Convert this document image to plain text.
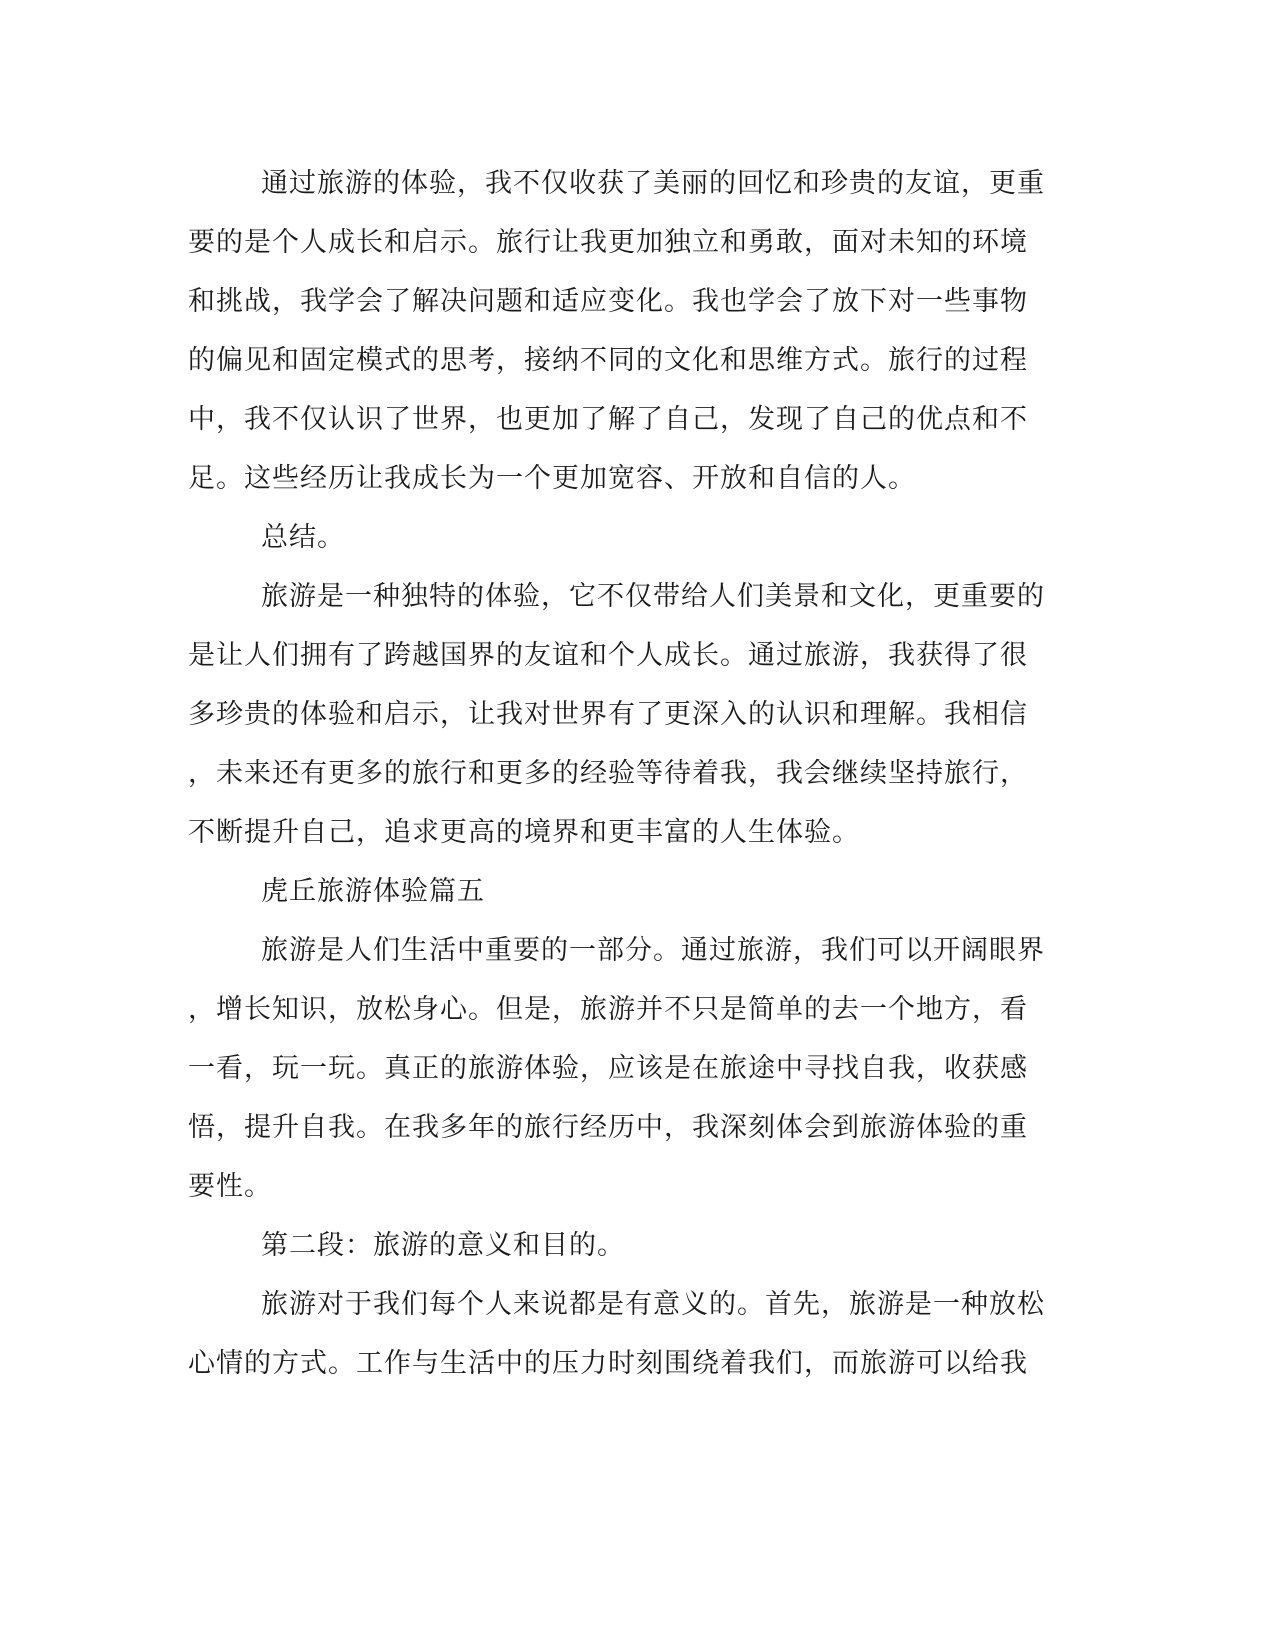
通过旅游的体验，我不仅收获了美丽的回忆和珍贵的友谊，更重

要的是个人成长和启示。旅行让我更加独立和勇敢，面对未知的环境

和挑战，我学会了解决问题和适应变化。我也学会了放下对一些事物

的偏见和固定模式的思考，接纳不同的文化和思维方式。旅行的过程

中，我不仅认识了世界，也更加了解了自己，发现了自己的优点和不

足。这些经历让我成长为一个更加宽容、开放和自信的人。

总结。

旅游是一种独特的体验，它不仅带给人们美景和文化，更重要的

是让人们拥有了跨越国界的友谊和个人成长。通过旅游，我获得了很

多珍贵的体验和启示，让我对世界有了更深入的认识和理解。我相信

，未来还有更多的旅行和更多的经验等待着我，我会继续坚持旅行，

不断提升自己，追求更高的境界和更丰富的人生体验。

虎丘旅游体验篇五

旅游是人们生活中重要的一部分。通过旅游，我们可以开阔眼界

，增长知识，放松身心。但是，旅游并不只是简单的去一个地方，看

一看，玩一玩。真正的旅游体验，应该是在旅途中寻找自我，收获感

悟，提升自我。在我多年的旅行经历中，我深刻体会到旅游体验的重

要性。

第二段：旅游的意义和目的。

旅游对于我们每个人来说都是有意义的。首先，旅游是一种放松

心情的方式。工作与生活中的压力时刻围绕着我们，而旅游可以给我
